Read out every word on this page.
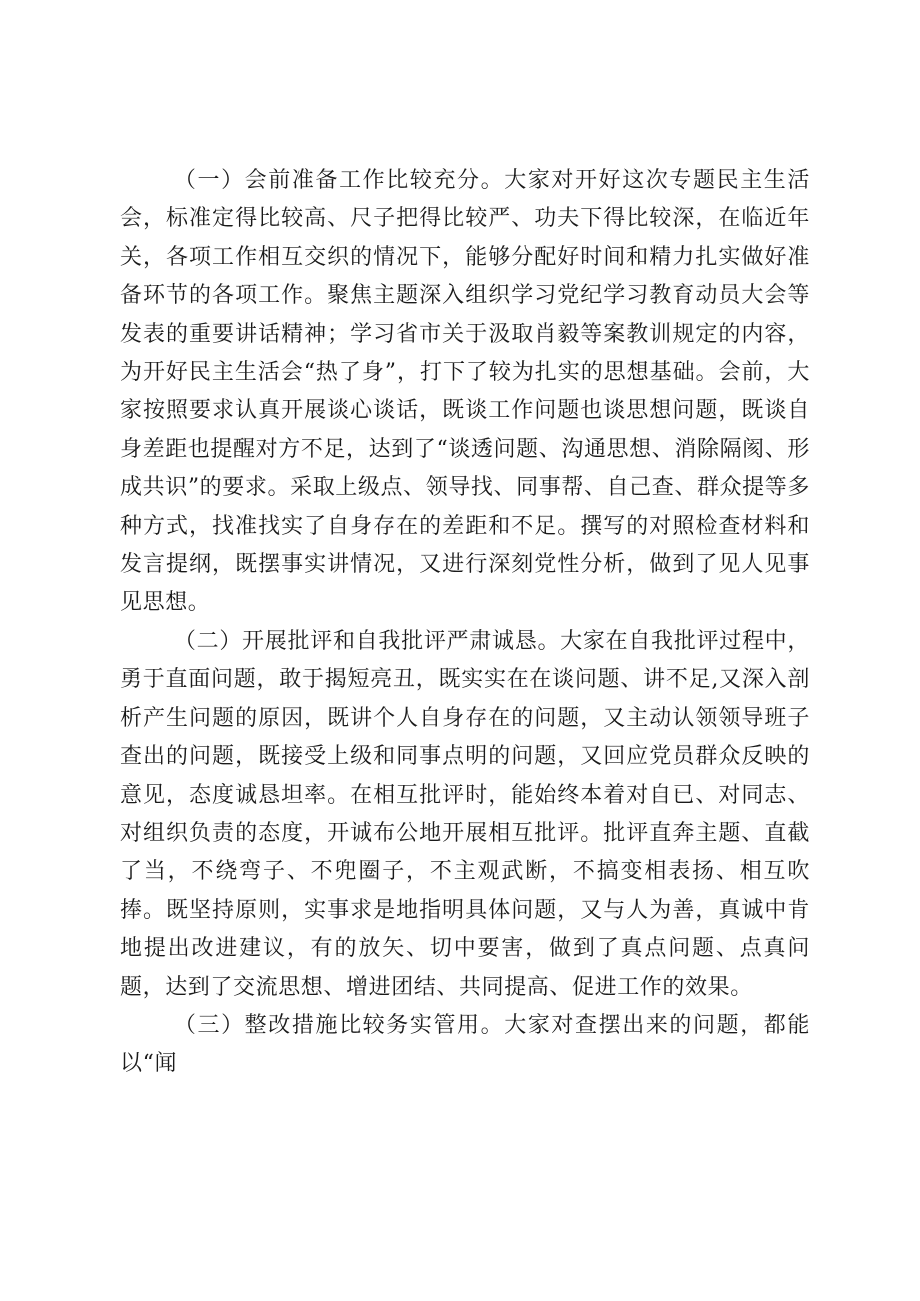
（一）会前准备工作比较充分。大家对开好这次专题民主生活会，标准定得比较高、尺子把得比较严、功夫下得比较深，在临近年关，各项工作相互交织的情况下，能够分配好时间和精力扎实做好准备环节的各项工作。聚焦主题深入组织学习党纪学习教育动员大会等发表的重要讲话精神；学习省市关于汲取肖毅等案教训规定的内容，为开好民主生活会“热了身”，打下了较为扎实的思想基础。会前，大家按照要求认真开展谈心谈话，既谈工作问题也谈思想问题，既谈自身差距也提醒对方不足，达到了“谈透问题、沟通思想、消除隔阂、形成共识”的要求。采取上级点、领导找、同事帮、自己查、群众提等多种方式，找准找实了自身存在的差距和不足。撰写的对照检查材料和发言提纲，既摆事实讲情况，又进行深刻党性分析，做到了见人见事见思想。

（二）开展批评和自我批评严肃诚恳。大家在自我批评过程中，勇于直面问题，敢于揭短亮丑，既实实在在谈问题、讲不足,又深入剖析产生问题的原因，既讲个人自身存在的问题，又主动认领领导班子查出的问题，既接受上级和同事点明的问题，又回应党员群众反映的意见，态度诚恳坦率。在相互批评时，能始终本着对自已、对同志、对组织负责的态度，开诚布公地开展相互批评。批评直奔主题、直截了当，不绕弯子、不兜圈子，不主观武断，不搞变相表扬、相互吹捧。既坚持原则，实事求是地指明具体问题，又与人为善，真诚中肯地提出改进建议，有的放矢、切中要害，做到了真点问题、点真问题，达到了交流思想、增进团结、共同提高、促进工作的效果。

（三）整改措施比较务实管用。大家对查摆出来的问题，都能以“闻
